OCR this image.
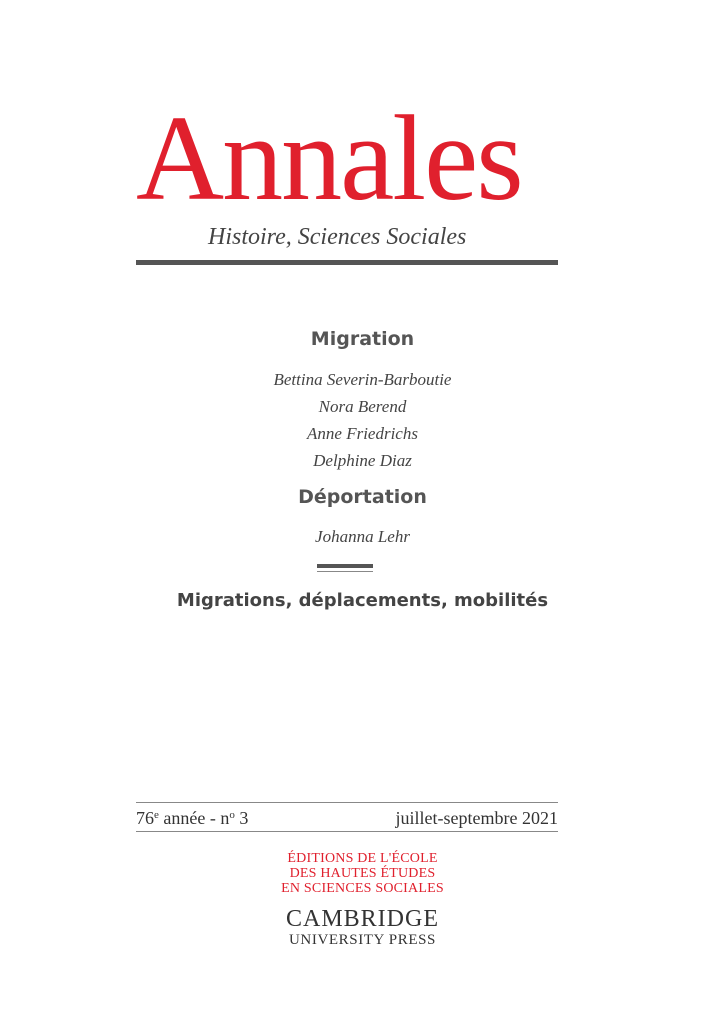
Annales
Histoire, Sciences Sociales
Migration
Bettina Severin-Barboutie
Nora Berend
Anne Friedrichs
Delphine Diaz
Déportation
Johanna Lehr
Migrations, déplacements, mobilités
76e année - $n^o$ 3	juillet-septembre 2021
ÉDITIONS DE L'ÉCOLE
DES HAUTES ÉTUDES
EN SCIENCES SOCIALES
CAMBRIDGE
UNIVERSITY PRESS
